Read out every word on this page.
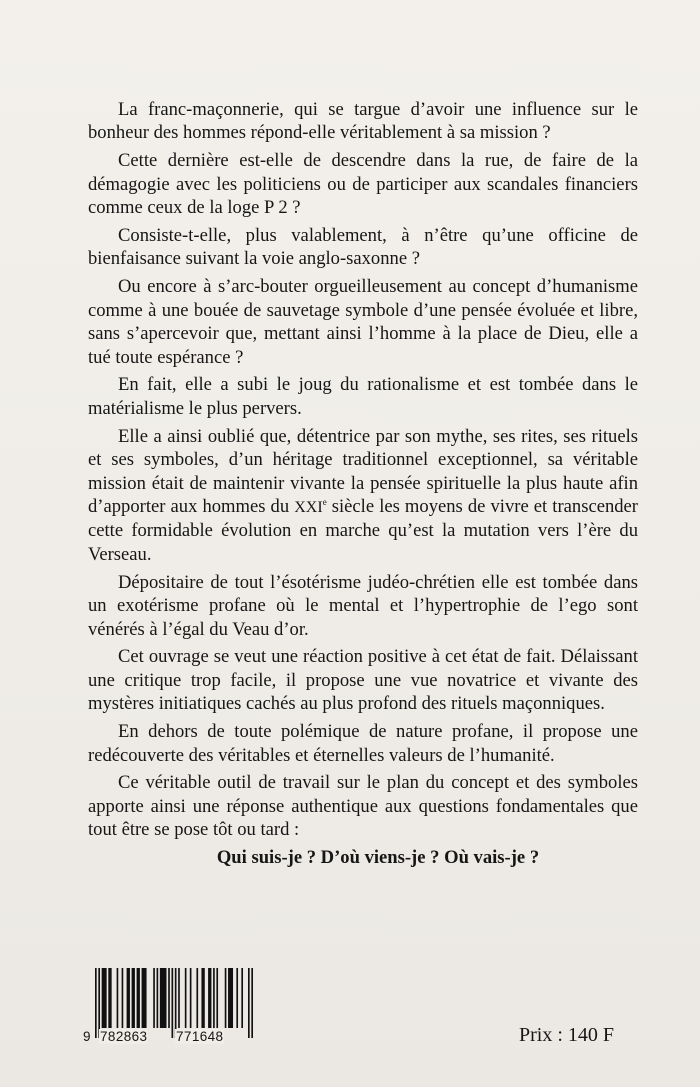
La franc-maçonnerie, qui se targue d’avoir une influence sur le bonheur des hommes répond-elle véritablement à sa mission ?

Cette dernière est-elle de descendre dans la rue, de faire de la démagogie avec les politiciens ou de participer aux scandales financiers comme ceux de la loge P 2 ?

Consiste-t-elle, plus valablement, à n’être qu’une officine de bienfaisance suivant la voie anglo-saxonne ?

Ou encore à s’arc-bouter orgueilleusement au concept d’humanisme comme à une bouée de sauvetage symbole d’une pensée évoluée et libre, sans s’apercevoir que, mettant ainsi l’homme à la place de Dieu, elle a tué toute espérance ?

En fait, elle a subi le joug du rationalisme et est tombée dans le matérialisme le plus pervers.

Elle a ainsi oublié que, détentrice par son mythe, ses rites, ses rituels et ses symboles, d’un héritage traditionnel exceptionnel, sa véritable mission était de maintenir vivante la pensée spirituelle la plus haute afin d’apporter aux hommes du XXIe siècle les moyens de vivre et transcender cette formidable évolution en marche qu’est la mutation vers l’ère du Verseau.

Dépositaire de tout l’ésotérisme judéo-chrétien elle est tombée dans un exotérisme profane où le mental et l’hypertrophie de l’ego sont vénérés à l’égal du Veau d’or.

Cet ouvrage se veut une réaction positive à cet état de fait. Délaissant une critique trop facile, il propose une vue novatrice et vivante des mystères initiatiques cachés au plus profond des rituels maçonniques.

En dehors de toute polémique de nature profane, il propose une redécouverte des véritables et éternelles valeurs de l’humanité.

Ce véritable outil de travail sur le plan du concept et des symboles apporte ainsi une réponse authentique aux questions fondamentales que tout être se pose tôt ou tard :

Qui suis-je ? D’où viens-je ? Où vais-je ?

9 782863 771648	Prix : 140 F
